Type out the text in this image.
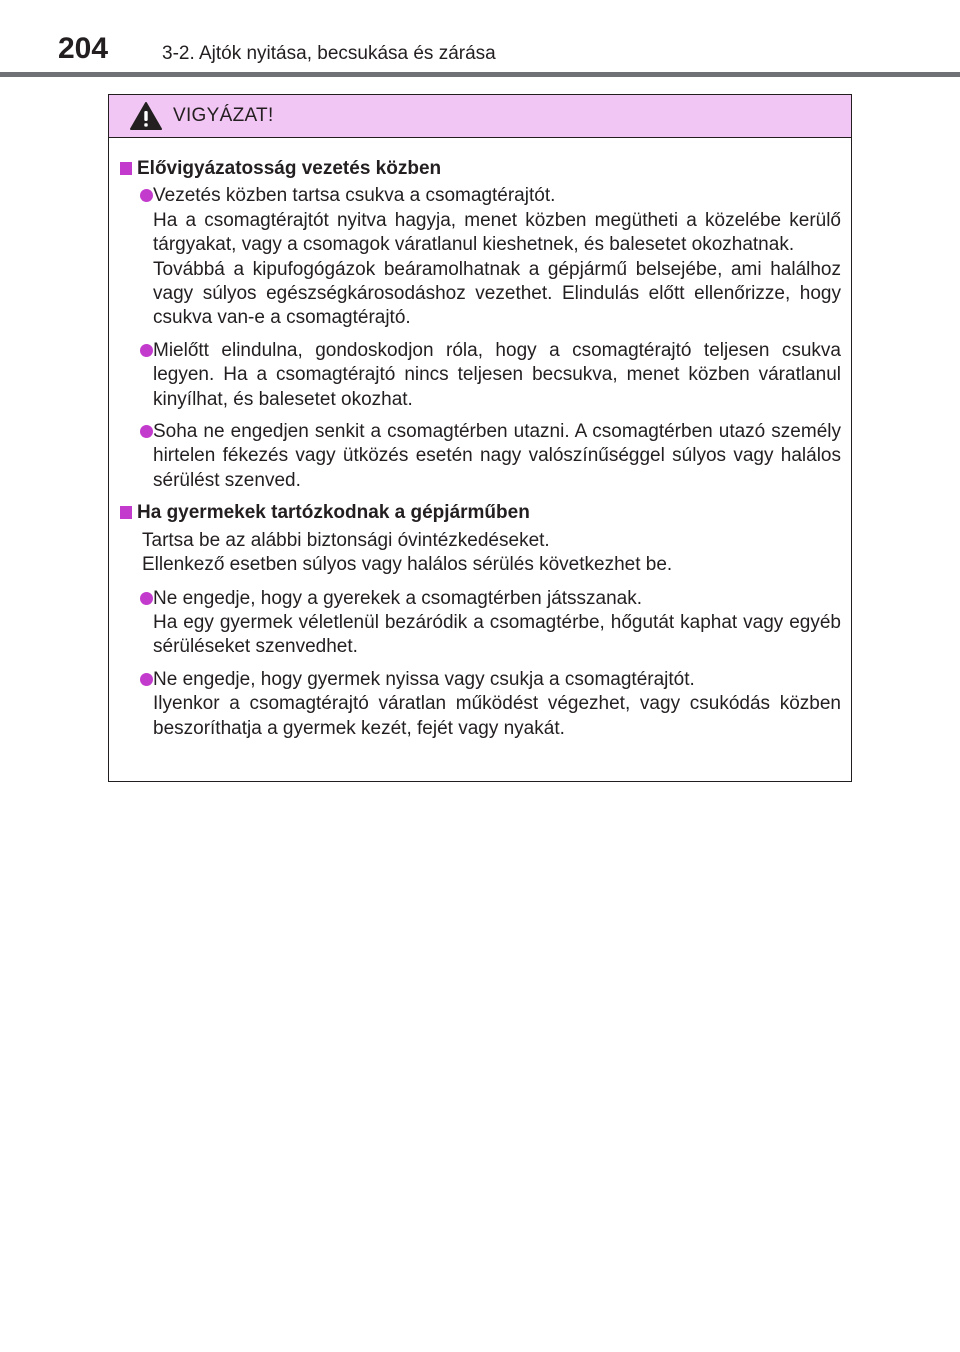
204	3-2. Ajtók nyitása, becsukása és zárása
VIGYÁZAT!
Elővigyázatosság vezetés közben

Vezetés közben tartsa csukva a csomagtérajtót.

Ha a csomagtérajtót nyitva hagyja, menet közben megütheti a közelébe kerülő tárgyakat, vagy a csomagok váratlanul kieshetnek, és balesetet okozhatnak.

Továbbá a kipufogógázok beáramolhatnak a gépjármű belsejébe, ami halálhoz vagy súlyos egészségkárosodáshoz vezethet. Elindulás előtt ellenőrizze, hogy csukva van-e a csomagtérajtó.

Mielőtt elindulna, gondoskodjon róla, hogy a csomagtérajtó teljesen csukva legyen. Ha a csomagtérajtó nincs teljesen becsukva, menet közben váratlanul kinyílhat, és balesetet okozhat.

Soha ne engedjen senkit a csomagtérben utazni. A csomagtérben utazó személy hirtelen fékezés vagy ütközés esetén nagy valószínűséggel súlyos vagy halálos sérülést szenved.

Ha gyermekek tartózkodnak a gépjárműben

Tartsa be az alábbi biztonsági óvintézkedéseket.

Ellenkező esetben súlyos vagy halálos sérülés következhet be.

Ne engedje, hogy a gyerekek a csomagtérben játsszanak.

Ha egy gyermek véletlenül bezáródik a csomagtérbe, hőgutát kaphat vagy egyéb sérüléseket szenvedhet.

Ne engedje, hogy gyermek nyissa vagy csukja a csomagtérajtót.

Ilyenkor a csomagtérajtó váratlan működést végezhet, vagy csukódás közben beszoríthatja a gyermek kezét, fejét vagy nyakát.
